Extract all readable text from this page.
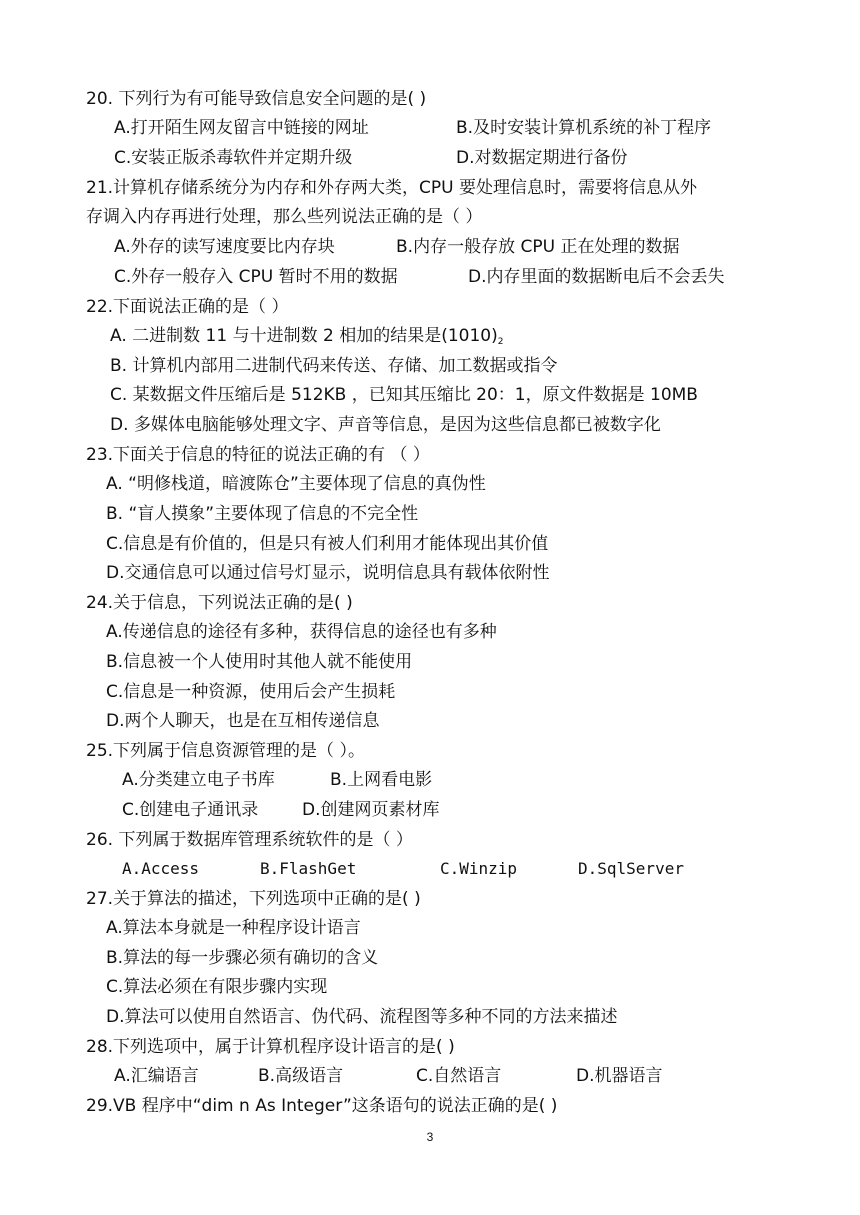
20. 下列行为有可能导致信息安全问题的是( )
A.打开陌生网友留言中链接的网址	B.及时安装计算机系统的补丁程序
C.安装正版杀毒软件并定期升级	D.对数据定期进行备份
21.计算机存储系统分为内存和外存两大类，CPU 要处理信息时，需要将信息从外
存调入内存再进行处理，那么些列说法正确的是（ ）
A.外存的读写速度要比内存块	B.内存一般存放 CPU 正在处理的数据
C.外存一般存入 CPU 暂时不用的数据	D.内存里面的数据断电后不会丢失
22.下面说法正确的是（ ）
A. 二进制数 11 与十进制数 2 相加的结果是$(1010)_2$
B. 计算机内部用二进制代码来传送、存储、加工数据或指令
C. 某数据文件压缩后是 512KB ，已知其压缩比 20：1，原文件数据是 10MB
D. 多媒体电脑能够处理文字、声音等信息，是因为这些信息都已被数字化
23.下面关于信息的特征的说法正确的有 （ ）
A. “明修栈道，暗渡陈仓”主要体现了信息的真伪性
B. “盲人摸象”主要体现了信息的不完全性
C.信息是有价值的，但是只有被人们利用才能体现出其价值
D.交通信息可以通过信号灯显示，说明信息具有载体依附性
24.关于信息，下列说法正确的是( )
A.传递信息的途径有多种，获得信息的途径也有多种
B.信息被一个人使用时其他人就不能使用
C.信息是一种资源，使用后会产生损耗
D.两个人聊天，也是在互相传递信息
25.下列属于信息资源管理的是（ ）。
A.分类建立电子书库	B.上网看电影
C.创建电子通讯录	D.创建网页素材库
26. 下列属于数据库管理系统软件的是（ ）
A.Access	B.FlashGet	C.Winzip	D.SqlServer
27.关于算法的描述，下列选项中正确的是( )
A.算法本身就是一种程序设计语言
B.算法的每一步骤必须有确切的含义
C.算法必须在有限步骤内实现
D.算法可以使用自然语言、伪代码、流程图等多种不同的方法来描述
28.下列选项中，属于计算机程序设计语言的是( )
A.汇编语言	B.高级语言	C.自然语言	D.机器语言
29.VB 程序中“dim n As Integer”这条语句的说法正确的是( )
3
